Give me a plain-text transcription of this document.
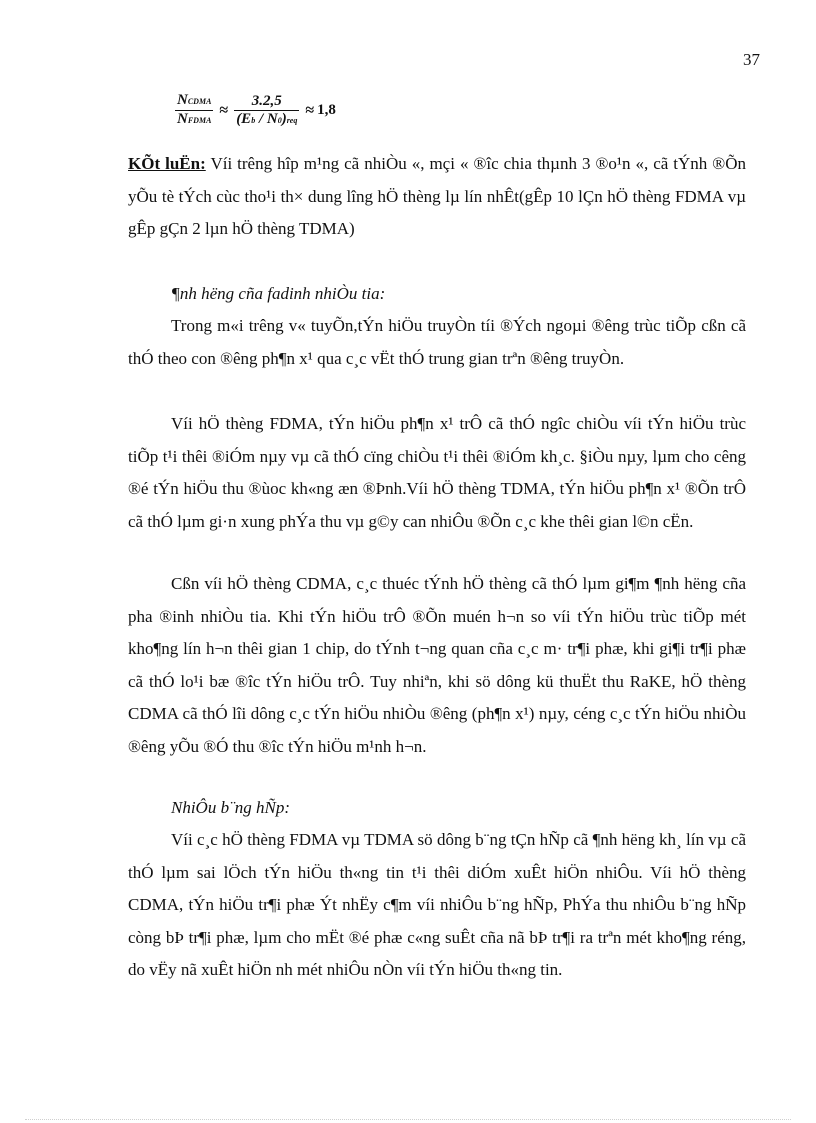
37
$\frac{\text{NCDMA}}{\text{NFDMA}} \approx \frac{3.2,5}{\text{(Eb / N0)req}} \approx 1,8$

KÕt luËn: Víi trêng hîp m¹ng cã nhiÒu «, mçi « ®îc chia thµnh 3 ®o¹n «, cã tÝnh ®Õn yÕu tè tÝch cùc tho¹i th× dung lîng hÖ thèng lµ lín nhÊt(gÊp 10 lÇn hÖ thèng FDMA vµ gÊp gÇn 2 lµn hÖ thèng TDMA)

¶nh hëng cña fadinh nhiÒu tia:

Trong m«i trêng v« tuyÕn,tÝn hiÖu truyÒn tíi ®Ých ngoµi ®êng trùc tiÕp cßn cã thÓ theo con ®êng ph¶n x¹ qua c¸c vËt thÓ trung gian trªn ®êng truyÒn.

Víi hÖ thèng FDMA, tÝn hiÖu ph¶n x¹ trÔ cã thÓ ngîc chiÒu víi tÝn hiÖu trùc tiÕp t¹i thêi ®iÓm nµy vµ cã thÓ cïng chiÒu t¹i thêi ®iÓm kh¸c. §iÒu nµy, lµm cho cêng ®é tÝn hiÖu thu ®ùoc kh«ng æn ®Þnh.Víi hÖ thèng TDMA, tÝn hiÖu ph¶n x¹ ®Õn trÔ cã thÓ lµm gi·n xung phÝa thu vµ g©y can nhiÔu ®Õn c¸c khe thêi gian l©n cËn.

Cßn víi hÖ thèng CDMA, c¸c thuéc tÝnh hÖ thèng cã thÓ lµm gi¶m ¶nh hëng cña pha ®inh nhiÒu tia. Khi tÝn hiÖu trÔ ®Õn muén h¬n so víi tÝn hiÖu trùc tiÕp mét kho¶ng lín h¬n thêi gian 1 chip, do tÝnh t¬ng quan cña c¸c m· tr¶i phæ, khi gi¶i tr¶i phæ cã thÓ lo¹i bæ ®îc tÝn hiÖu trÔ. Tuy nhiªn, khi sö dông kü thuËt thu RaKE, hÖ thèng CDMA cã thÓ lîi dông c¸c tÝn hiÖu nhiÒu ®êng (ph¶n x¹) nµy, céng c¸c tÝn hiÖu nhiÒu ®êng yÕu ®Ó thu ®îc tÝn hiÖu m¹nh h¬n.

NhiÔu b¨ng hÑp:

Víi c¸c hÖ thèng FDMA vµ TDMA sö dông b¨ng tÇn hÑp cã ¶nh hëng kh¸ lín vµ cã thÓ lµm sai lÖch tÝn hiÖu th«ng tin t¹i thêi diÓm xuÊt hiÖn nhiÔu. Víi hÖ thèng CDMA, tÝn hiÖu tr¶i phæ Ýt nhËy c¶m víi nhiÔu b¨ng hÑp, PhÝa thu nhiÔu b¨ng hÑp còng bÞ tr¶i phæ, lµm cho mËt ®é phæ c«ng suÊt cña nã bÞ tr¶i ra trªn mét kho¶ng réng, do vËy nã xuÊt hiÖn nh mét nhiÔu nÒn víi tÝn hiÖu th«ng tin.
